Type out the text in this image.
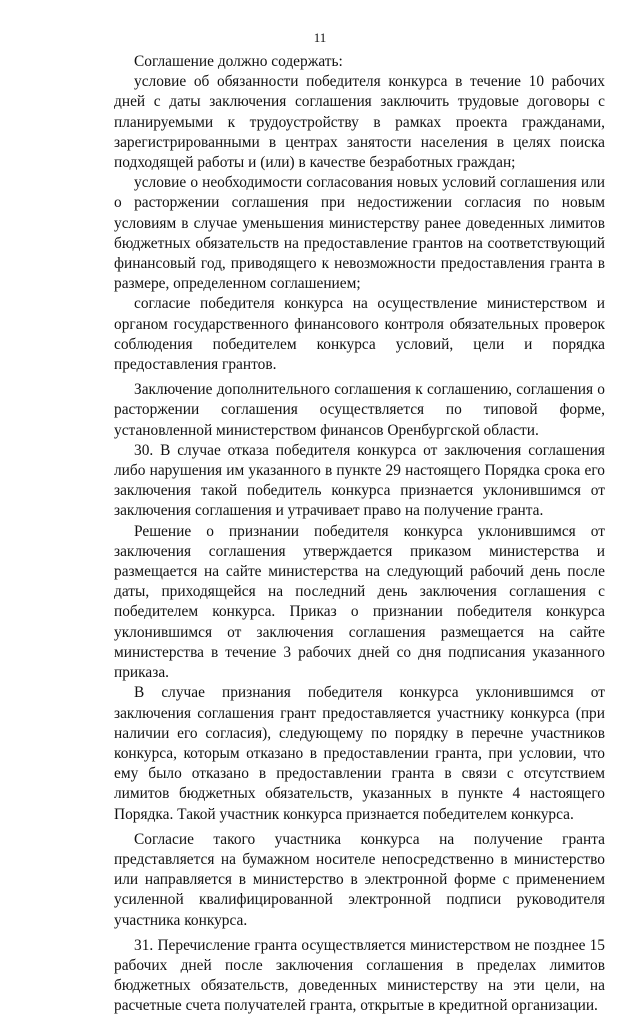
11

Соглашение должно содержать:

условие об обязанности победителя конкурса в течение 10 рабочих дней с даты заключения соглашения заключить трудовые договоры с планируемыми к трудоустройству в рамках проекта гражданами, зарегистрированными в центрах занятости населения в целях поиска подходящей работы и (или) в качестве безработных граждан;

условие о необходимости согласования новых условий соглашения или о расторжении соглашения при недостижении согласия по новым условиям в случае уменьшения министерству ранее доведенных лимитов бюджетных обязательств на предоставление грантов на соответствующий финансовый год, приводящего к невозможности предоставления гранта в размере, определенном соглашением;

согласие победителя конкурса на осуществление министерством и органом государственного финансового контроля обязательных проверок соблюдения победителем конкурса условий, цели и порядка предоставления грантов.

Заключение дополнительного соглашения к соглашению, соглашения о расторжении соглашения осуществляется по типовой форме, установленной министерством финансов Оренбургской области.

30. В случае отказа победителя конкурса от заключения соглашения либо нарушения им указанного в пункте 29 настоящего Порядка срока его заключения такой победитель конкурса признается уклонившимся от заключения соглашения и утрачивает право на получение гранта.

Решение о признании победителя конкурса уклонившимся от заключения соглашения утверждается приказом министерства и размещается на сайте министерства на следующий рабочий день после даты, приходящейся на последний день заключения соглашения с победителем конкурса. Приказ о признании победителя конкурса уклонившимся от заключения соглашения размещается на сайте министерства в течение 3 рабочих дней со дня подписания указанного приказа.

В случае признания победителя конкурса уклонившимся от заключения соглашения грант предоставляется участнику конкурса (при наличии его согласия), следующему по порядку в перечне участников конкурса, которым отказано в предоставлении гранта, при условии, что ему было отказано в предоставлении гранта в связи с отсутствием лимитов бюджетных обязательств, указанных в пункте 4 настоящего Порядка. Такой участник конкурса признается победителем конкурса.

Согласие такого участника конкурса на получение гранта представляется на бумажном носителе непосредственно в министерство или направляется в министерство в электронной форме с применением усиленной квалифицированной электронной подписи руководителя участника конкурса.

31. Перечисление гранта осуществляется министерством не позднее 15 рабочих дней после заключения соглашения в пределах лимитов бюджетных обязательств, доведенных министерству на эти цели, на расчетные счета получателей гранта, открытые в кредитной организации.
